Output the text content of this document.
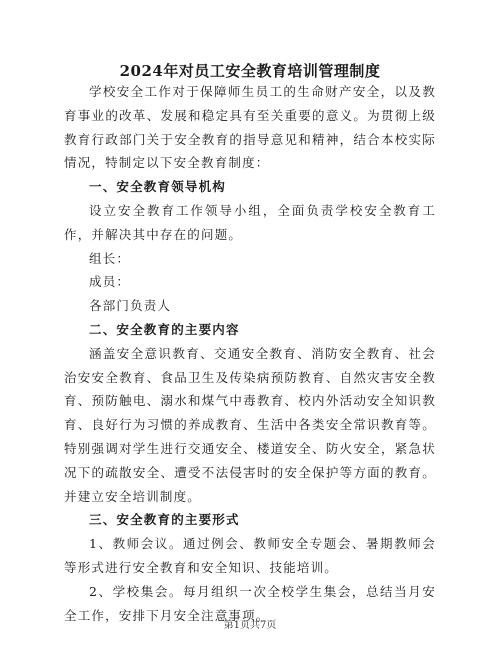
2024年对员工安全教育培训管理制度

学校安全工作对于保障师生员工的生命财产安全，以及教育事业的改革、发展和稳定具有至关重要的意义。为贯彻上级教育行政部门关于安全教育的指导意见和精神，结合本校实际情况，特制定以下安全教育制度：

一、安全教育领导机构

设立安全教育工作领导小组，全面负责学校安全教育工作，并解决其中存在的问题。

组长：

成员：

各部门负责人

二、安全教育的主要内容

涵盖安全意识教育、交通安全教育、消防安全教育、社会治安安全教育、食品卫生及传染病预防教育、自然灾害安全教育、预防触电、溺水和煤气中毒教育、校内外活动安全知识教育、良好行为习惯的养成教育、生活中各类安全常识教育等。特别强调对学生进行交通安全、楼道安全、防火安全，紧急状况下的疏散安全、遭受不法侵害时的安全保护等方面的教育。并建立安全培训制度。

三、安全教育的主要形式

1、教师会议。通过例会、教师安全专题会、暑期教师会等形式进行安全教育和安全知识、技能培训。

2、学校集会。每月组织一次全校学生集会，总结当月安全工作，安排下月安全注意事项。

第1页共7页
